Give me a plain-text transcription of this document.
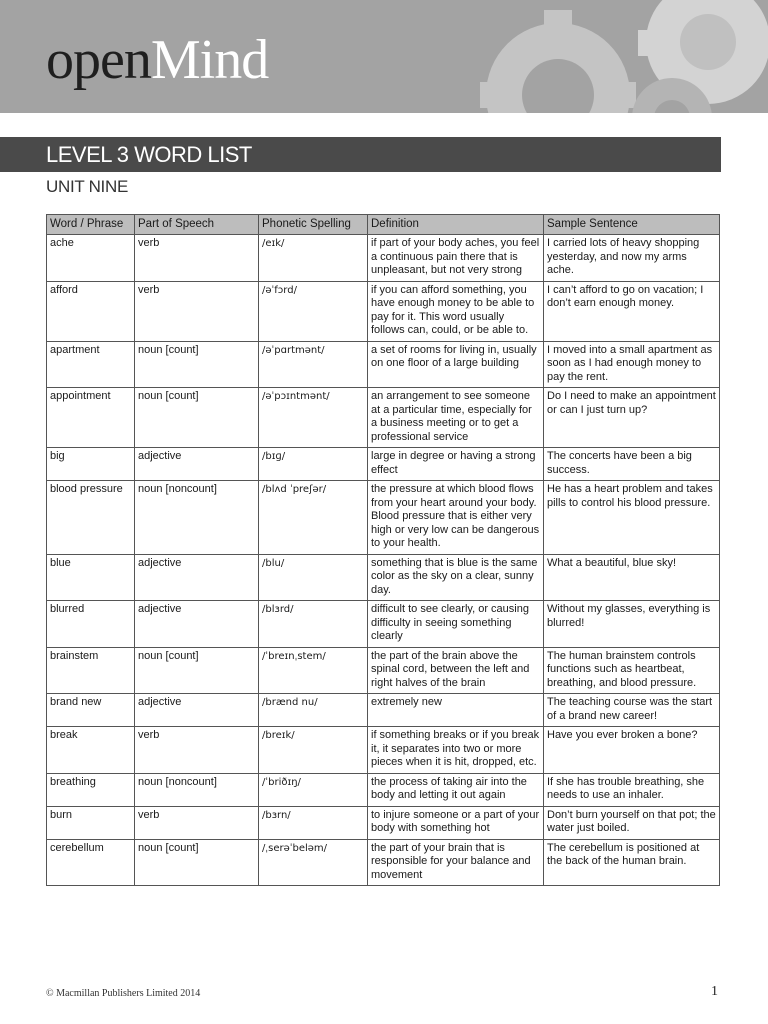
openMind
LEVEL 3 WORD LIST
UNIT NINE
Word / Phrase	Part of Speech	Phonetic Spelling	Definition	Sample Sentence
ache	verb	/eɪk/	if part of your body aches, you feel a continuous pain there that is unpleasant, but not very strong	I carried lots of heavy shopping yesterday, and now my arms ache.
afford	verb	/əˈfɔrd/	if you can afford something, you have enough money to be able to pay for it. This word usually follows can, could, or be able to.	I can’t afford to go on vacation; I don’t earn enough money.
apartment	noun [count]	/əˈpɑrtmənt/	a set of rooms for living in, usually on one floor of a large building	I moved into a small apartment as soon as I had enough money to pay the rent.
appointment	noun [count]	/əˈpɔɪntmənt/	an arrangement to see someone at a particular time, especially for a business meeting or to get a professional service	Do I need to make an appointment or can I just turn up?
big	adjective	/bɪɡ/	large in degree or having a strong effect	The concerts have been a big success.
blood pressure	noun [noncount]	/blʌd ˈpreʃər/	the pressure at which blood flows from your heart around your body. Blood pressure that is either very high or very low can be dangerous to your health.	He has a heart problem and takes pills to control his blood pressure.
blue	adjective	/blu/	something that is blue is the same color as the sky on a clear, sunny day.	What a beautiful, blue sky!
blurred	adjective	/blɜrd/	difficult to see clearly, or causing difficulty in seeing something clearly	Without my glasses, everything is blurred!
brainstem	noun [count]	/ˈbreɪnˌstem/	the part of the brain above the spinal cord, between the left and right halves of the brain	The human brainstem controls functions such as heartbeat, breathing, and blood pressure.
brand new	adjective	/brænd nu/	extremely new	The teaching course was the start of a brand new career!
break	verb	/breɪk/	if something breaks or if you break it, it separates into two or more pieces when it is hit, dropped, etc.	Have you ever broken a bone?
breathing	noun [noncount]	/ˈbriðɪŋ/	the process of taking air into the body and letting it out again	If she has trouble breathing, she needs to use an inhaler.
burn	verb	/bɜrn/	to injure someone or a part of your body with something hot	Don’t burn yourself on that pot; the water just boiled.
cerebellum	noun [count]	/ˌserəˈbeləm/	the part of your brain that is responsible for your balance and movement	The cerebellum is positioned at the back of the human brain.
© Macmillan Publishers Limited 2014	1
